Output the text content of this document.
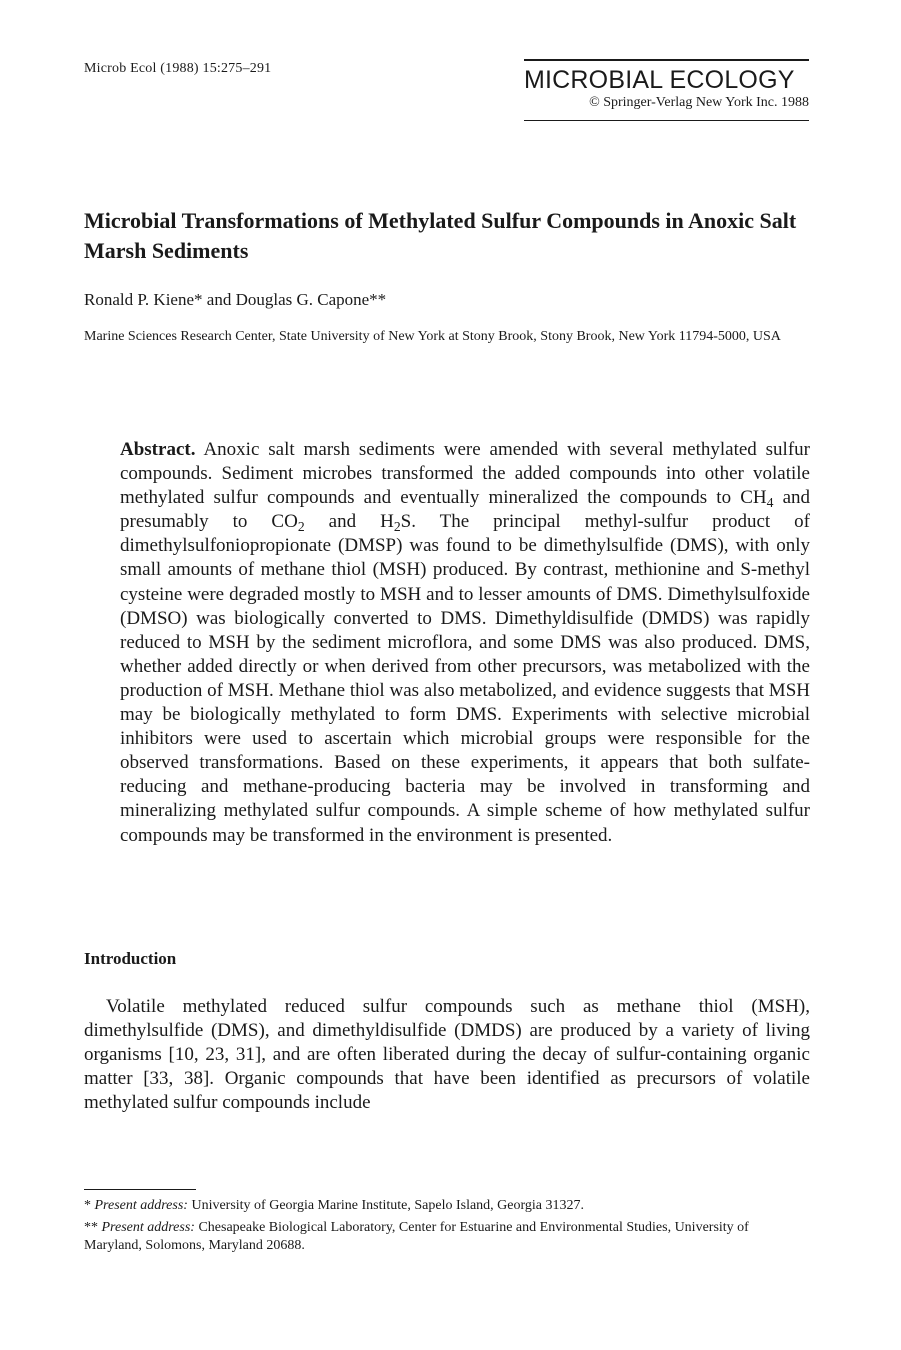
Microb Ecol (1988) 15:275–291	MICROBIAL ECOLOGY
© Springer-Verlag New York Inc. 1988
Microbial Transformations of Methylated Sulfur Compounds in Anoxic Salt Marsh Sediments
Ronald P. Kiene* and Douglas G. Capone**
Marine Sciences Research Center, State University of New York at Stony Brook, Stony Brook, New York 11794-5000, USA

Abstract. Anoxic salt marsh sediments were amended with several methylated sulfur compounds. Sediment microbes transformed the added compounds into other volatile methylated sulfur compounds and eventually mineralized the compounds to $CH_4$ and presumably to $CO_2$ and $H_2S$. The principal methyl-sulfur product of dimethylsulfoniopropionate (DMSP) was found to be dimethylsulfide (DMS), with only small amounts of methane thiol (MSH) produced. By contrast, methionine and S-methyl cysteine were degraded mostly to MSH and to lesser amounts of DMS. Dimethylsulfoxide (DMSO) was biologically converted to DMS. Dimethyldisulfide (DMDS) was rapidly reduced to MSH by the sediment microflora, and some DMS was also produced. DMS, whether added directly or when derived from other precursors, was metabolized with the production of MSH. Methane thiol was also metabolized, and evidence suggests that MSH may be biologically methylated to form DMS. Experiments with selective microbial inhibitors were used to ascertain which microbial groups were responsible for the observed transformations. Based on these experiments, it appears that both sulfate-reducing and methane-producing bacteria may be involved in transforming and mineralizing methylated sulfur compounds. A simple scheme of how methylated sulfur compounds may be transformed in the environment is presented.

Introduction

Volatile methylated reduced sulfur compounds such as methane thiol (MSH), dimethylsulfide (DMS), and dimethyldisulfide (DMDS) are produced by a variety of living organisms [10, 23, 31], and are often liberated during the decay of sulfur-containing organic matter [33, 38]. Organic compounds that have been identified as precursors of volatile methylated sulfur compounds include

* Present address: University of Georgia Marine Institute, Sapelo Island, Georgia 31327.

** Present address: Chesapeake Biological Laboratory, Center for Estuarine and Environmental Studies, University of Maryland, Solomons, Maryland 20688.
